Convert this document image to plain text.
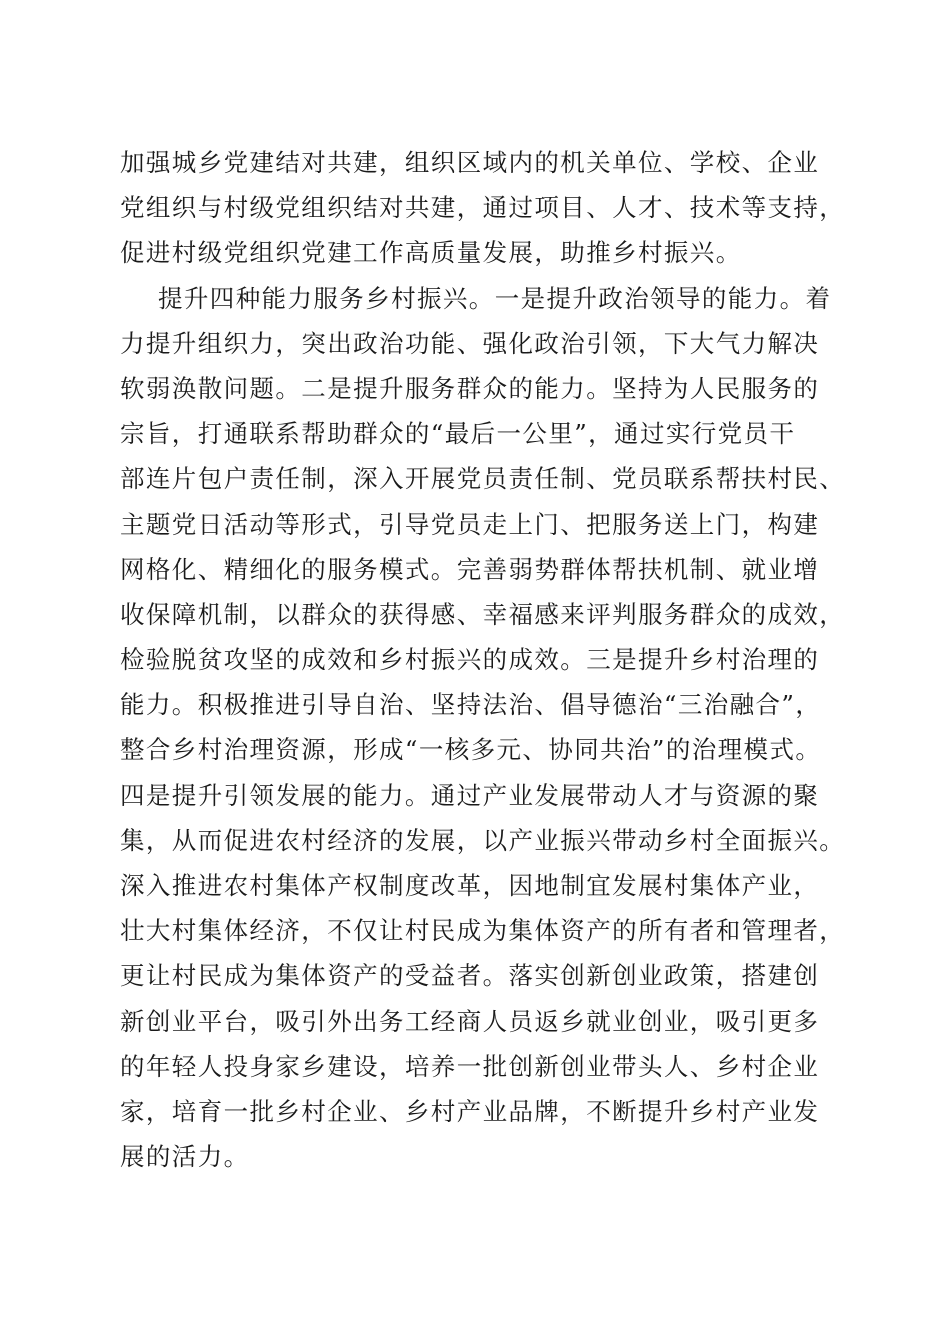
加强城乡党建结对共建，组织区域内的机关单位、学校、企业
党组织与村级党组织结对共建，通过项目、人才、技术等支持，
促进村级党组织党建工作高质量发展，助推乡村振兴。
提升四种能力服务乡村振兴。一是提升政治领导的能力。着
力提升组织力，突出政治功能、强化政治引领，下大气力解决
软弱涣散问题。二是提升服务群众的能力。坚持为人民服务的
宗旨，打通联系帮助群众的“最后一公里”，通过实行党员干
部连片包户责任制，深入开展党员责任制、党员联系帮扶村民、
主题党日活动等形式，引导党员走上门、把服务送上门，构建
网格化、精细化的服务模式。完善弱势群体帮扶机制、就业增
收保障机制，以群众的获得感、幸福感来评判服务群众的成效，
检验脱贫攻坚的成效和乡村振兴的成效。三是提升乡村治理的
能力。积极推进引导自治、坚持法治、倡导德治“三治融合”，
整合乡村治理资源，形成“一核多元、协同共治”的治理模式。
四是提升引领发展的能力。通过产业发展带动人才与资源的聚
集，从而促进农村经济的发展，以产业振兴带动乡村全面振兴。
深入推进农村集体产权制度改革，因地制宜发展村集体产业，
壮大村集体经济，不仅让村民成为集体资产的所有者和管理者，
更让村民成为集体资产的受益者。落实创新创业政策，搭建创
新创业平台，吸引外出务工经商人员返乡就业创业，吸引更多
的年轻人投身家乡建设，培养一批创新创业带头人、乡村企业
家，培育一批乡村企业、乡村产业品牌，不断提升乡村产业发
展的活力。
